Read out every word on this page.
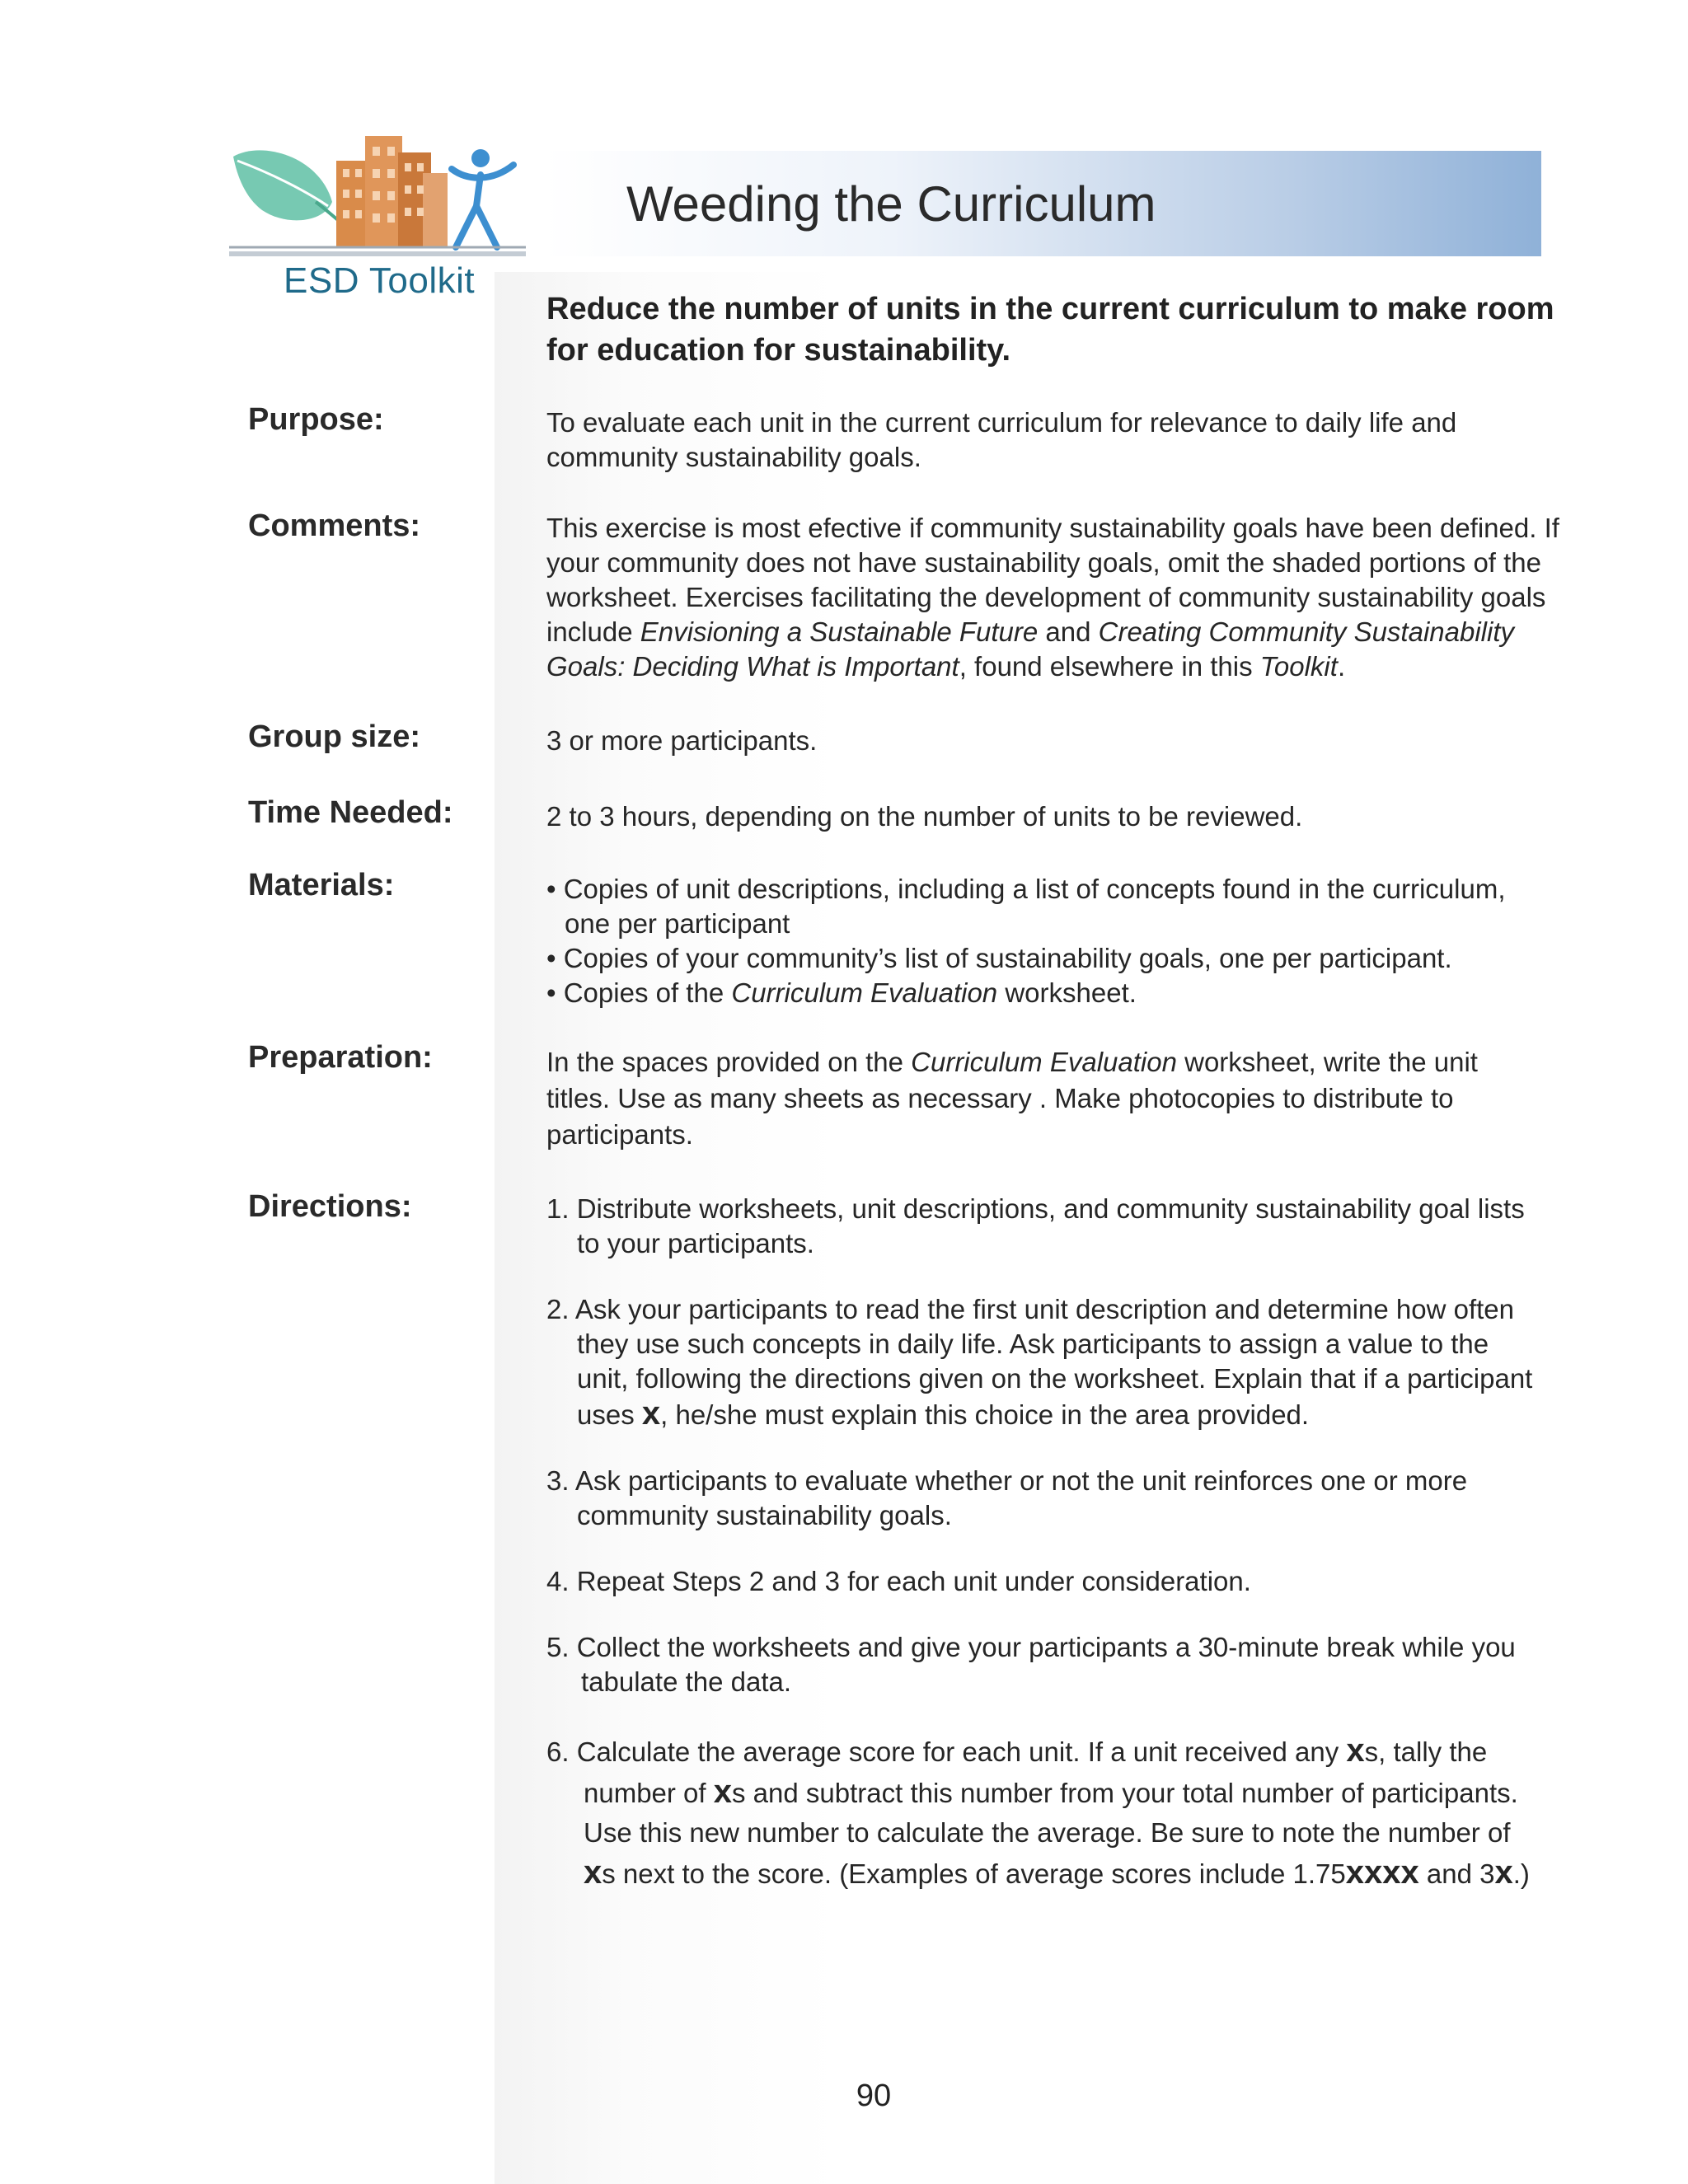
ESD Toolkit
Weeding the Curriculum
Reduce the number of units in the current curriculum to make room for education for sustainability.
Purpose:	To evaluate each unit in the current curriculum for relevance to daily life and community sustainability goals.

Comments:	This exercise is most efective if community sustainability goals have been defined. If your community does not have sustainability goals, omit the shaded portions of the worksheet. Exercises facilitating the development of community sustainability goals include Envisioning a Sustainable Future and Creating Community Sustainability Goals: Deciding What is Important, found elsewhere in this Toolkit.

Group size:	3 or more participants.
Time Needed:	2 to 3 hours, depending on the number of units to be reviewed.
Materials:	• Copies of unit descriptions, including a list of concepts found in the curriculum,

one per participant

• Copies of your community’s list of sustainability goals, one per participant.

• Copies of the Curriculum Evaluation worksheet.

Preparation:	In the spaces provided on the Curriculum Evaluation worksheet, write the unit titles. Use as many sheets as necessary . Make photocopies to distribute to participants.

Directions:	1. Distribute worksheets, unit descriptions, and community sustainability goal lists to your participants.

2. Ask your participants to read the first unit description and determine how often they use such concepts in daily life. Ask participants to assign a value to the unit, following the directions given on the worksheet. Explain that if a participant uses x, he/she must explain this choice in the area provided.

3. Ask participants to evaluate whether or not the unit reinforces one or more community sustainability goals.

4. Repeat Steps 2 and 3 for each unit under consideration.

5. Collect the worksheets and give your participants a 30-minute break while you tabulate the data.

6. Calculate the average score for each unit. If a unit received any xs, tally the number of xs and subtract this number from your total number of participants. Use this new number to calculate the average. Be sure to note the number of xs next to the score. (Examples of average scores include 1.75xxxx and 3x.)

90
